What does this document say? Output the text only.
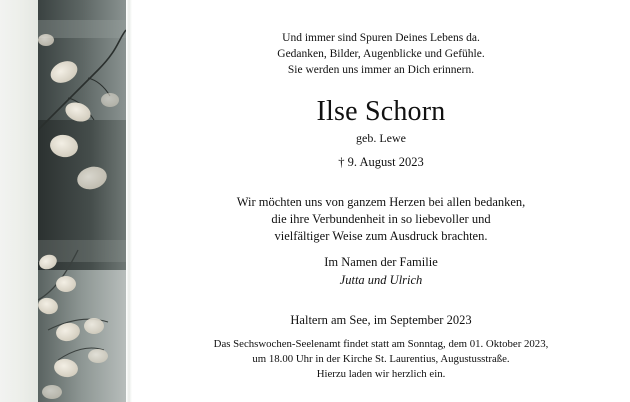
Und immer sind Spuren Deines Lebens da.
Gedanken, Bilder, Augenblicke und Gefühle.
Sie werden uns immer an Dich erinnern.
Ilse Schorn
geb. Lewe
† 9. August 2023
Wir möchten uns von ganzem Herzen bei allen bedanken,
die ihre Verbundenheit in so liebevoller und
vielfältiger Weise zum Ausdruck brachten.
Im Namen der Familie
Jutta und Ulrich
Haltern am See, im September 2023
Das Sechswochen-Seelenamt findet statt am Sonntag, dem 01. Oktober 2023,
um 18.00 Uhr in der Kirche St. Laurentius, Augustusstraße.
Hierzu laden wir herzlich ein.
